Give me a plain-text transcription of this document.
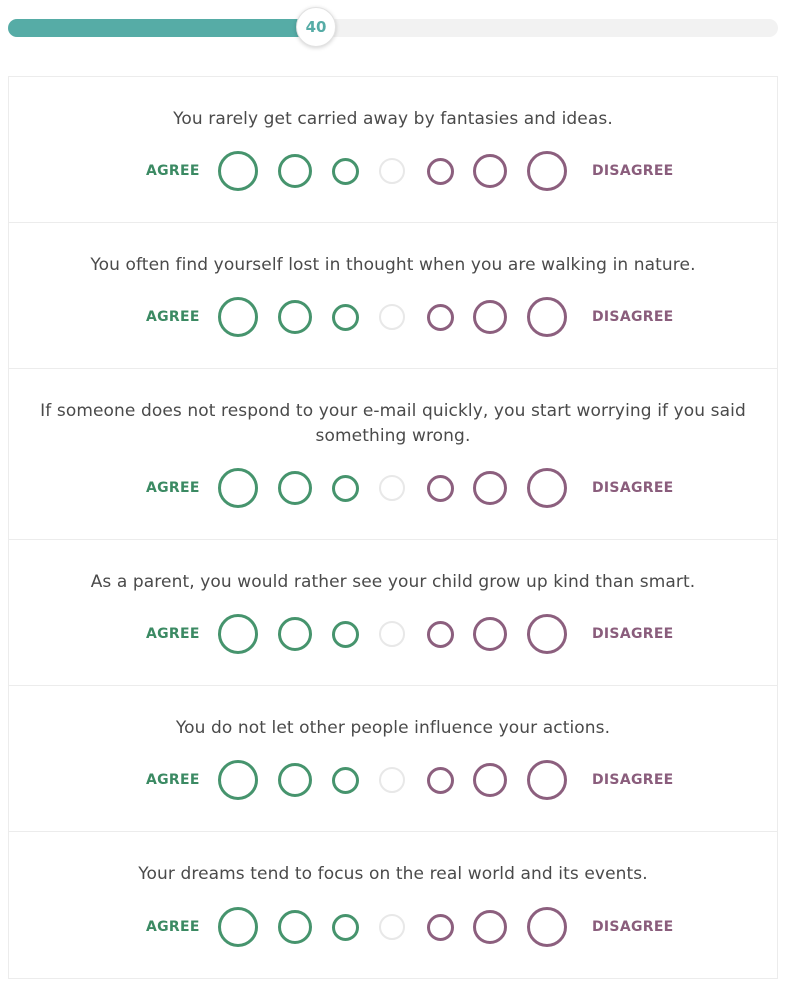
40
You rarely get carried away by fantasies and ideas.
AGREE	DISAGREE
You often find yourself lost in thought when you are walking in nature.
AGREE	DISAGREE
If someone does not respond to your e-mail quickly, you start worrying if you said something wrong.
AGREE	DISAGREE
As a parent, you would rather see your child grow up kind than smart.
AGREE	DISAGREE
You do not let other people influence your actions.
AGREE	DISAGREE
Your dreams tend to focus on the real world and its events.
AGREE	DISAGREE
